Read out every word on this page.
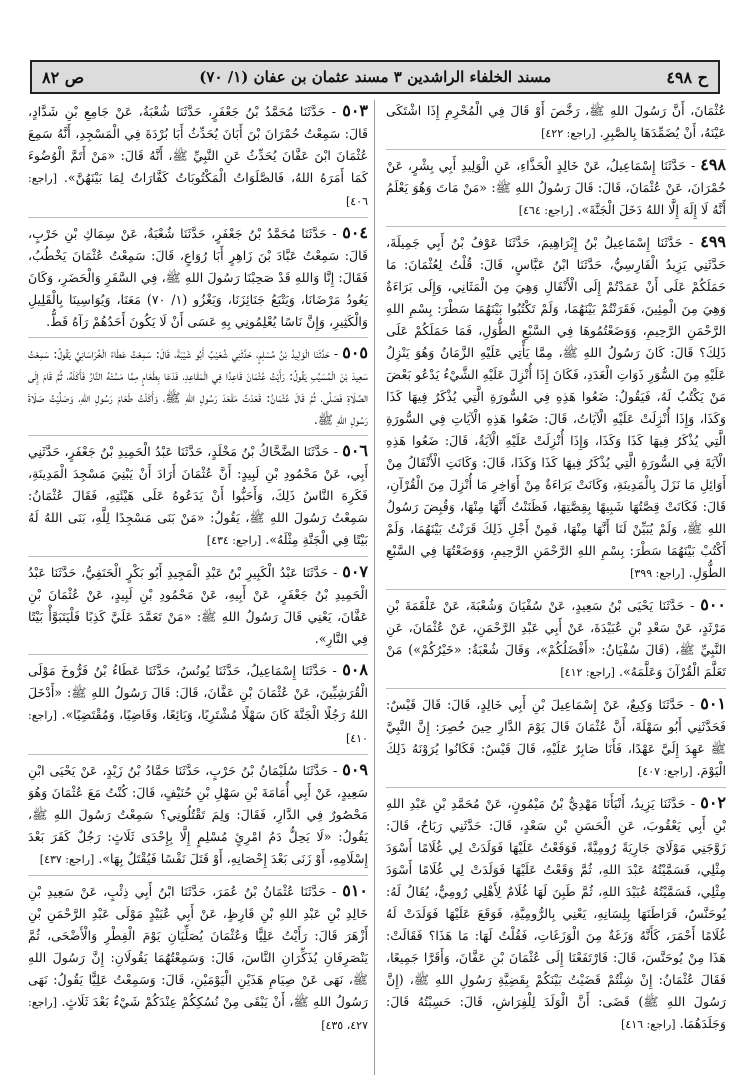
ح ٤٩٨
مسند الخلفاء الراشدين ٣ مسند عثمان بن عفان (١/ ٧٠)
ص ٨٢

عُثْمَانَ، أَنَّ رَسُولَ اللهِ ﷺ، رَخَّصَ أَوْ قَالَ فِي الْمُحْرِمِ إِذَا اشْتَكَى عَيْنَهُ، أَنْ يُضَمِّدَهَا بِالصَّبِرِ. [راجع: ٤٢٢]

٤٩٨ - حَدَّثَنَا إِسْمَاعِيلُ، عَنْ خَالِدٍ الْحَذَّاءِ، عَنِ الْوَلِيدِ أَبِي بِشْرٍ، عَنْ حُمْرَانَ، عَنْ عُثْمَانَ، قَالَ: قَالَ رَسُولُ اللهِ ﷺ: «مَنْ مَاتَ وَهُوَ يَعْلَمُ أَنَّهُ لَا إِلَهَ إِلَّا اللهُ دَخَلَ الْجَنَّةَ». [راجع: ٤٦٤]

٤٩٩ - حَدَّثَنَا إِسْمَاعِيلُ بْنُ إِبْرَاهِيمَ، حَدَّثَنَا عَوْفُ بْنُ أَبِي جَمِيلَةَ، حَدَّثَنِي يَزِيدُ الْفَارِسِيُّ، حَدَّثَنَا ابْنُ عَبَّاسٍ، قَالَ: قُلْتُ لِعُثْمَانَ: مَا حَمَلَكُمْ عَلَى أَنْ عَمَدْتُمْ إِلَى الْأَنْفَالِ وَهِيَ مِنَ الْمَثَانِي، وَإِلَى بَرَاءَةٌ وَهِيَ مِنَ الْمِئِينَ، فَقَرَنْتُمْ بَيْنَهُمَا، وَلَمْ تَكْتُبُوا بَيْنَهُمَا سَطْرَ: بِسْمِ اللهِ الرَّحْمَنِ الرَّحِيمِ، وَوَضَعْتُمُوهَا فِي السَّبْعِ الطُّوَلِ، فَمَا حَمَلَكُمْ عَلَى ذَلِكَ؟ قَالَ: كَانَ رَسُولُ اللهِ ﷺ، مِمَّا يَأْتِي عَلَيْهِ الزَّمَانُ وَهُوَ يَنْزِلُ عَلَيْهِ مِنَ السُّوَرِ ذَوَاتِ الْعَدَدِ، فَكَانَ إِذَا أُنْزِلَ عَلَيْهِ الشَّيْءُ يَدْعُو بَعْضَ مَنْ يَكْتُبُ لَهُ، فَيَقُولُ: ضَعُوا هَذِهِ فِي السُّورَةِ الَّتِي يُذْكَرُ فِيهَا كَذَا وَكَذَا، وَإِذَا أُنْزِلَتْ عَلَيْهِ الْآيَاتُ، قَالَ: ضَعُوا هَذِهِ الْآيَاتِ فِي السُّورَةِ الَّتِي يُذْكَرُ فِيهَا كَذَا وَكَذَا، وَإِذَا أُنْزِلَتْ عَلَيْهِ الْآيَةُ، قَالَ: ضَعُوا هَذِهِ الْآيَةَ فِي السُّورَةِ الَّتِي يُذْكَرُ فِيهَا كَذَا وَكَذَا، قَالَ: وَكَانَتِ الْأَنْفَالُ مِنْ أَوَائِلِ مَا نَزَلَ بِالْمَدِينَةِ، وَكَانَتْ بَرَاءَةٌ مِنْ أَوَاخِرِ مَا أُنْزِلَ مِنَ الْقُرْآنِ، قَالَ: فَكَانَتْ قِصَّتُهَا شَبِيهًا بِقِصَّتِهَا، فَظَنَنْتُ أَنَّهَا مِنْهَا، وَقُبِضَ رَسُولُ اللهِ ﷺ، وَلَمْ يُبَيِّنْ لَنَا أَنَّهَا مِنْهَا، فَمِنْ أَجْلِ ذَلِكَ قَرَنْتُ بَيْنَهُمَا، وَلَمْ أَكْتُبْ بَيْنَهُمَا سَطْرَ: بِسْمِ اللهِ الرَّحْمَنِ الرَّحِيمِ، وَوَضَعْتُهَا فِي السَّبْعِ الطُّوَلِ. [راجع: ٣٩٩]

٥٠٠ - حَدَّثَنَا يَحْيَى بْنُ سَعِيدٍ، عَنْ سُفْيَانَ وَشُعْبَةَ، عَنْ عَلْقَمَةَ بْنِ مَرْثَدٍ، عَنْ سَعْدِ بْنِ عُبَيْدَةَ، عَنْ أَبِي عَبْدِ الرَّحْمَنِ، عَنْ عُثْمَانَ، عَنِ النَّبِيِّ ﷺ، (قَالَ سُفْيَانُ: «أَفْضَلُكُمْ»، وَقَالَ شُعْبَةُ: «خَيْرُكُمْ») مَنْ تَعَلَّمَ الْقُرْآنَ وَعَلَّمَهُ». [راجع: ٤١٢]

٥٠١ - حَدَّثَنَا وَكِيعٌ، عَنْ إِسْمَاعِيلَ بْنِ أَبِي خَالِدٍ، قَالَ: قَالَ قَيْسٌ: فَحَدَّثَنِي أَبُو سَهْلَةَ، أَنَّ عُثْمَانَ قَالَ يَوْمَ الدَّارِ حِينَ حُصِرَ: إِنَّ النَّبِيَّ ﷺ عَهِدَ إِلَيَّ عَهْدًا، فَأَنَا صَابِرٌ عَلَيْهِ، قَالَ قَيْسٌ: فَكَانُوا يُرَوْنَهُ ذَلِكَ الْيَوْمَ. [راجع: ٤٠٧]

٥٠٢ - حَدَّثَنَا يَزِيدُ، أَنْبَأَنَا مَهْدِيُّ بْنُ مَيْمُونٍ، عَنْ مُحَمَّدِ بْنِ عَبْدِ اللهِ بْنِ أَبِي يَعْقُوبَ، عَنِ الْحَسَنِ بْنِ سَعْدٍ، قَالَ: حَدَّثَنِي رَبَاحٌ، قَالَ: زَوَّجَنِي مَوْلَايَ جَارِيَةً رُومِيَّةً، فَوَقَعْتُ عَلَيْهَا فَوَلَدَتْ لِي غُلَامًا أَسْوَدَ مِثْلِي، فَسَمَّيْتُهُ عَبْدَ اللهِ، ثُمَّ وَقَعْتُ عَلَيْهَا فَوَلَدَتْ لِي غُلَامًا أَسْوَدَ مِثْلِي، فَسَمَّيْتُهُ عُبَيْدَ اللهِ، ثُمَّ طَبِنَ لَهَا غُلَامٌ لِأَهْلِي رُومِيٌّ، يُقَالُ لَهُ: يُوحَنَّسُ، فَرَاطَنَهَا بِلِسَانِهِ، يَعْنِي بِالرُّومِيَّةِ، فَوَقَعَ عَلَيْهَا فَوَلَدَتْ لَهُ غُلَامًا أَحْمَرَ، كَأَنَّهُ وَزَغَةٌ مِنَ الْوَزَغَاتِ، فَقُلْتُ لَهَا: مَا هَذَا؟ فَقَالَتْ: هَذَا مِنْ يُوحَنَّسَ، قَالَ: فَارْتَفَعْنَا إِلَى عُثْمَانَ بْنِ عَفَّانَ، وَأَقَرَّا جَمِيعًا، فَقَالَ عُثْمَانُ: إِنْ شِئْتُمْ قَضَيْتُ بَيْنَكُمْ بِقَضِيَّةِ رَسُولِ اللهِ ﷺ، (إِنَّ رَسُولَ اللهِ ﷺ) قَضَى: أَنَّ الْوَلَدَ لِلْفِرَاشِ، قَالَ: حَسِبْتُهُ قَالَ: وَجَلَدَهُمَا. [راجع: ٤١٦]

٥٠٣ - حَدَّثَنَا مُحَمَّدُ بْنُ جَعْفَرٍ، حَدَّثَنَا شُعْبَةُ، عَنْ جَامِعِ بْنِ شَدَّادٍ، قَالَ: سَمِعْتُ حُمْرَانَ بْنَ أَبَانَ يُحَدِّثُ أَبَا بُرْدَةَ فِي الْمَسْجِدِ، أَنَّهُ سَمِعَ عُثْمَانَ ابْنَ عَفَّانَ يُحَدِّثُ عَنِ النَّبِيِّ ﷺ، أَنَّهُ قَالَ: «مَنْ أَتَمَّ الْوُضُوءَ كَمَا أَمَرَهُ اللهُ، فَالصَّلَوَاتُ الْمَكْتُوبَاتُ كَفَّارَاتٌ لِمَا بَيْنَهُنَّ». [راجع: ٤٠٦]

٥٠٤ - حَدَّثَنَا مُحَمَّدُ بْنُ جَعْفَرٍ، حَدَّثَنَا شُعْبَةُ، عَنْ سِمَاكِ بْنِ حَرْبٍ، قَالَ: سَمِعْتُ عَبَّادَ بْنَ زَاهِرٍ أَبَا رُوَاعٍ، قَالَ: سَمِعْتُ عُثْمَانَ يَخْطُبُ، فَقَالَ: إِنَّا وَاللهِ قَدْ صَحِبْنَا رَسُولَ اللهِ ﷺ، فِي السَّفَرِ وَالْحَضَرِ، وَكَانَ يَعُودُ مَرْضَانَا، وَيَتْبَعُ جَنَائِزَنَا، وَيَغْزُو (١/ ٧٠) مَعَنَا، وَيُوَاسِينَا بِالْقَلِيلِ وَالْكَثِيرِ، وَإِنَّ نَاسًا يُعْلِمُونِي بِهِ عَسَى أَنْ لَا يَكُونَ أَحَدُهُمْ رَآهُ قَطُّ.

٥٠٥ - حَدَّثَنَا الْوَلِيدُ بْنُ مُسْلِمٍ، حَدَّثَنِي شُعَيْبُ أَبُو شَيْبَةَ، قَالَ: سَمِعْتُ عَطَاءً الْخُرَاسَانِيَّ يَقُولُ: سَمِعْتُ سَعِيدَ بْنَ الْمُسَيَّبِ يَقُولُ: رَأَيْتُ عُثْمَانَ قَاعِدًا فِي الْمَقَاعِدِ، فَدَعَا بِطَعَامٍ مِمَّا مَسَّتْهُ النَّارُ فَأَكَلَهُ، ثُمَّ قَامَ إِلَى الصَّلَاةِ فَصَلَّى، ثُمَّ قَالَ عُثْمَانُ: قَعَدْتُ مَقْعَدَ رَسُولِ اللهِ ﷺ، وَأَكَلْتُ طَعَامَ رَسُولِ اللهِ، وَصَلَّيْتُ صَلَاةَ رَسُولِ اللهِ ﷺ.

٥٠٦ - حَدَّثَنَا الضَّحَّاكُ بْنُ مَخْلَدٍ، حَدَّثَنَا عَبْدُ الْحَمِيدِ بْنُ جَعْفَرٍ، حَدَّثَنِي أَبِي، عَنْ مَحْمُودِ بْنِ لَبِيدٍ: أَنَّ عُثْمَانَ أَرَادَ أَنْ يَبْنِيَ مَسْجِدَ الْمَدِينَةِ، فَكَرِهَ النَّاسُ ذَلِكَ، وَأَحَبُّوا أَنْ يَدَعُوهُ عَلَى هَيْئَتِهِ، فَقَالَ عُثْمَانُ: سَمِعْتُ رَسُولَ اللهِ ﷺ، يَقُولُ: «مَنْ بَنَى مَسْجِدًا لِلَّهِ، بَنَى اللهُ لَهُ بَيْتًا فِي الْجَنَّةِ مِثْلَهُ». [راجع: ٤٣٤]

٥٠٧ - حَدَّثَنَا عَبْدُ الْكَبِيرِ بْنُ عَبْدِ الْمَجِيدِ أَبُو بَكْرٍ الْحَنَفِيُّ، حَدَّثَنَا عَبْدُ الْحَمِيدِ بْنُ جَعْفَرٍ، عَنْ أَبِيهِ، عَنْ مَحْمُودِ بْنِ لَبِيدٍ، عَنْ عُثْمَانَ بْنِ عَفَّانَ، يَعْنِي قَالَ رَسُولُ اللهِ ﷺ: «مَنْ تَعَمَّدَ عَلَيَّ كَذِبًا فَلْيَتَبَوَّأْ بَيْتًا فِي النَّارِ».

٥٠٨ - حَدَّثَنَا إِسْمَاعِيلُ، حَدَّثَنَا يُونُسُ، حَدَّثَنَا عَطَاءُ بْنُ فَرُّوخَ مَوْلَى الْقُرَشِيِّينَ، عَنْ عُثْمَانَ بْنِ عَفَّانَ، قَالَ: قَالَ رَسُولُ اللهِ ﷺ: «أَدْخَلَ اللهُ رَجُلًا الْجَنَّةَ كَانَ سَهْلًا مُشْتَرِيًا، وَبَائِعًا، وَقَاضِيًا، وَمُقْتَضِيًا». [راجع: ٤١٠]

٥٠٩ - حَدَّثَنَا سُلَيْمَانُ بْنُ حَرْبٍ، حَدَّثَنَا حَمَّادُ بْنُ زَيْدٍ، عَنْ يَحْيَى ابْنِ سَعِيدٍ، عَنْ أَبِي أُمَامَةَ بْنِ سَهْلِ بْنِ حُنَيْفٍ، قَالَ: كُنْتُ مَعَ عُثْمَانَ وَهُوَ مَحْصُورٌ فِي الدَّارِ، فَقَالَ: وَلِمَ تَقْتُلُونِي؟ سَمِعْتُ رَسُولَ اللهِ ﷺ، يَقُولُ: «لَا يَحِلُّ دَمُ امْرِئٍ مُسْلِمٍ إِلَّا بِإِحْدَى ثَلَاثٍ: رَجُلٌ كَفَرَ بَعْدَ إِسْلَامِهِ، أَوْ زَنَى بَعْدَ إِحْصَانِهِ، أَوْ قَتَلَ نَفْسًا فَيُقْتَلُ بِهَا». [راجع: ٤٣٧]

٥١٠ - حَدَّثَنَا عُثْمَانُ بْنُ عُمَرَ، حَدَّثَنَا ابْنُ أَبِي ذِئْبٍ، عَنْ سَعِيدِ بْنِ خَالِدِ بْنِ عَبْدِ اللهِ بْنِ قَارِظٍ، عَنْ أَبِي عُبَيْدٍ مَوْلَى عَبْدِ الرَّحْمَنِ بْنِ أَزْهَرَ قَالَ: رَأَيْتُ عَلِيًّا وَعُثْمَانَ يُصَلِّيَانِ يَوْمَ الْفِطْرِ وَالْأَضْحَى، ثُمَّ يَنْصَرِفَانِ يُذَكِّرَانِ النَّاسَ، قَالَ: وَسَمِعْتُهُمَا يَقُولَانِ: إِنَّ رَسُولَ اللهِ ﷺ، نَهَى عَنْ صِيَامِ هَذَيْنِ الْيَوْمَيْنِ، قَالَ: وَسَمِعْتُ عَلِيًّا يَقُولُ: نَهَى رَسُولُ اللهِ ﷺ، أَنْ يَبْقَى مِنْ نُسُكِكُمْ عِنْدَكُمْ شَيْءٌ بَعْدَ ثَلَاثٍ. [راجع: ٤٢٧، ٤٣٥]
